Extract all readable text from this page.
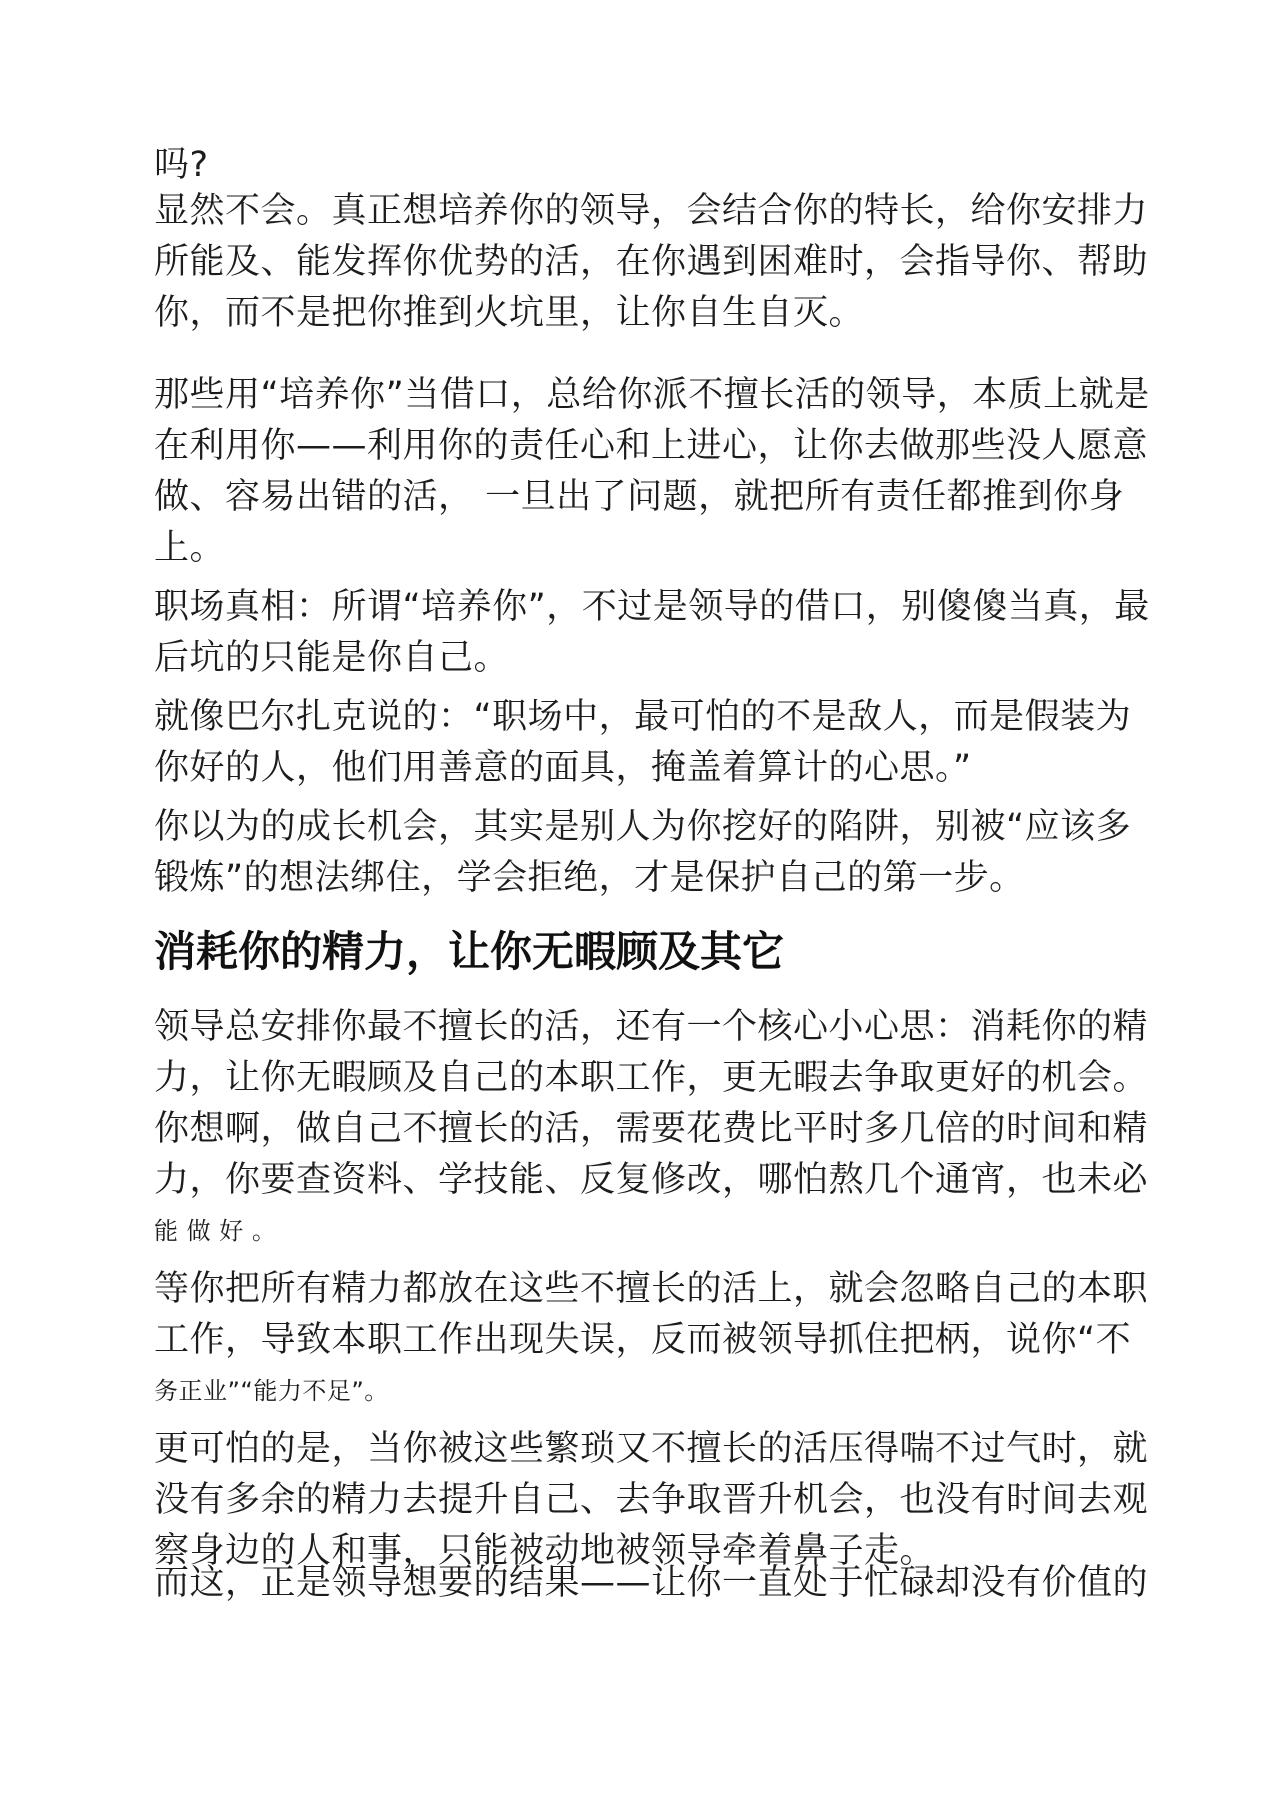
吗?

显然不会。真正想培养你的领导，会结合你的特长，给你安排力
所能及、能发挥你优势的活，在你遇到困难时，会指导你、帮助
你，而不是把你推到火坑里，让你自生自灭。

那些用“培养你”当借口，总给你派不擅长活的领导，本质上就是
在利用你——利用你的责任心和上进心，让你去做那些没人愿意
做、容易出错的活， 一旦出了问题，就把所有责任都推到你身
上。

职场真相：所谓“培养你”，不过是领导的借口，别傻傻当真，最
后坑的只能是你自己。

就像巴尔扎克说的：“职场中，最可怕的不是敌人，而是假装为
你好的人，他们用善意的面具，掩盖着算计的心思。”

你以为的成长机会，其实是别人为你挖好的陷阱，别被“应该多
锻炼”的想法绑住，学会拒绝，才是保护自己的第一步。

消耗你的精力，让你无暇顾及其它

领导总安排你最不擅长的活，还有一个核心小心思：消耗你的精
力，让你无暇顾及自己的本职工作，更无暇去争取更好的机会。
你想啊，做自己不擅长的活，需要花费比平时多几倍的时间和精
力，你要查资料、学技能、反复修改，哪怕熬几个通宵，也未必
能 做 好 。

等你把所有精力都放在这些不擅长的活上，就会忽略自己的本职
工作，导致本职工作出现失误，反而被领导抓住把柄，说你“不
务正业”“能力不足”。

更可怕的是，当你被这些繁琐又不擅长的活压得喘不过气时，就
没有多余的精力去提升自己、去争取晋升机会，也没有时间去观
察身边的人和事，只能被动地被领导牵着鼻子走。

而这，正是领导想要的结果——让你一直处于忙碌却没有价值的
